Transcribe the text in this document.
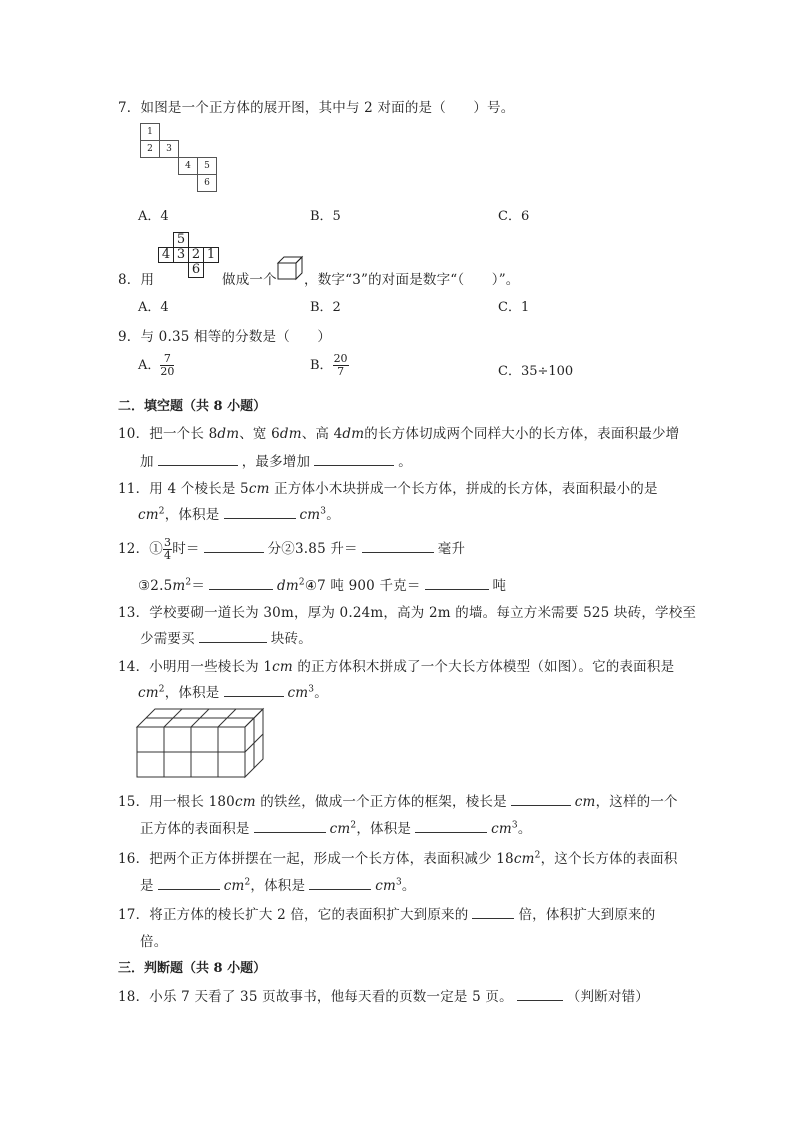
7．如图是一个正方体的展开图，其中与 2 对面的是（　　）号。
1			
2	3		
		4	5
			6
A．4	B．5	C．6
8．用
	5		
4	3	2	1
		6	
做成一个 ，数字“3”的对面是数字“（　　）”。
A．4	B．2	C．1
9．与 0.35 相等的分数是（　　）
A． $\frac{7}{20}$	B． $\frac{20}{7}$	C．35÷100
二．填空题（共 8 小题）
10．把一个长 8dm、宽 6dm、高 4dm的长方体切成两个同样大小的长方体，表面积最少增
加	，最多增加	。
11．用 4 个棱长是 5cm 正方体小木块拼成一个长方体，拼成的长方体，表面积最小的是
$cm^2$，体积是	$cm^3$。
12．① $\frac{3}{4}$ 时＝	分②3.85 升＝	毫升
$③2.5m^2=$	$dm^2④7$ 吨 900 千克＝	吨
13．学校要砌一道长为 30m，厚为 0.24m，高为 2m 的墙。每立方米需要 525 块砖，学校至
少需要买	块砖。
14．小明用一些棱长为 1cm 的正方体积木拼成了一个大长方体模型（如图）。它的表面积是
$cm^2$，体积是	$cm^3$。
15．用一根长 180cm 的铁丝，做成一个正方体的框架，棱长是	cm，这样的一个
正方体的表面积是	$cm^2$，体积是	$cm^3$。
16．把两个正方体拼摆在一起，形成一个长方体，表面积减少 $18cm^2$，这个长方体的表面积
是	$cm^2$，体积是	$cm^3$。
17．将正方体的棱长扩大 2 倍，它的表面积扩大到原来的	倍，体积扩大到原来的
倍。
三．判断题（共 8 小题）
18．小乐 7 天看了 35 页故事书，他每天看的页数一定是 5 页。	（判断对错）
